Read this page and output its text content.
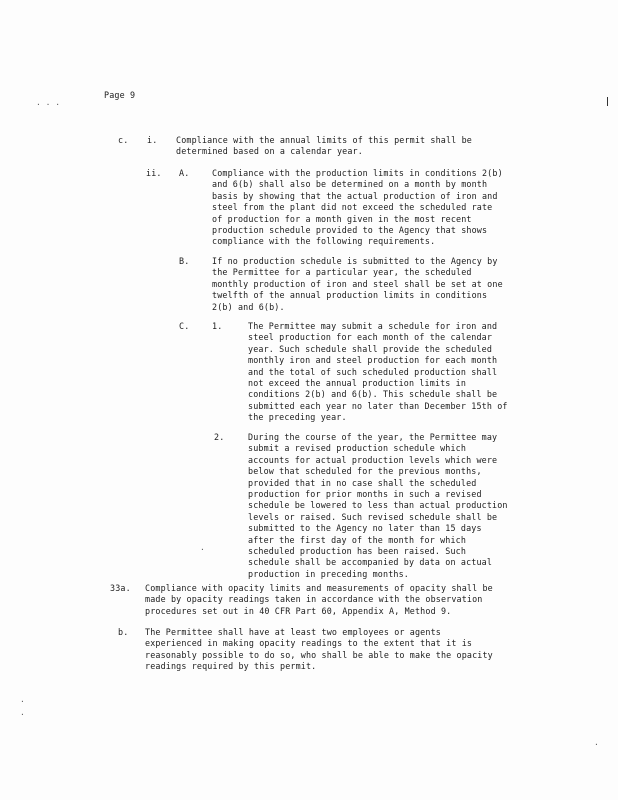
Page 9
· · ·
c. i. Compliance with the annual limits of this permit shall be
determined based on a calendar year.
ii. A.	Compliance with the production limits in conditions 2(b)
and 6(b) shall also be determined on a month by month
basis by showing that the actual production of iron and
steel from the plant did not exceed the scheduled rate
of production for a month given in the most recent
production schedule provided to the Agency that shows
compliance with the following requirements.
B.	If no production schedule is submitted to the Agency by
the Permittee for a particular year, the scheduled
monthly production of iron and steel shall be set at one
twelfth of the annual production limits in conditions
2(b) and 6(b).
C.	1.	The Permittee may submit a schedule for iron and
steel production for each month of the calendar
year. Such schedule shall provide the scheduled
monthly iron and steel production for each month
and the total of such scheduled production shall
not exceed the annual production limits in
conditions 2(b) and 6(b). This schedule shall be
submitted each year no later than December 15th of
the preceding year.
2.	During the course of the year, the Permittee may
submit a revised production schedule which
accounts for actual production levels which were
below that scheduled for the previous months,
provided that in no case shall the scheduled
production for prior months in such a revised
schedule be lowered to less than actual production
levels or raised. Such revised schedule shall be
submitted to the Agency no later than 15 days
after the first day of the month for which
scheduled production has been raised. Such
schedule shall be accompanied by data on actual
production in preceding months.
.
33a. Compliance with opacity limits and measurements of opacity shall be
made by opacity readings taken in accordance with the observation
procedures set out in 40 CFR Part 60, Appendix A, Method 9.
b. The Permittee shall have at least two employees or agents
experienced in making opacity readings to the extent that it is
reasonably possible to do so, who shall be able to make the opacity
readings required by this permit.
·
·
·
